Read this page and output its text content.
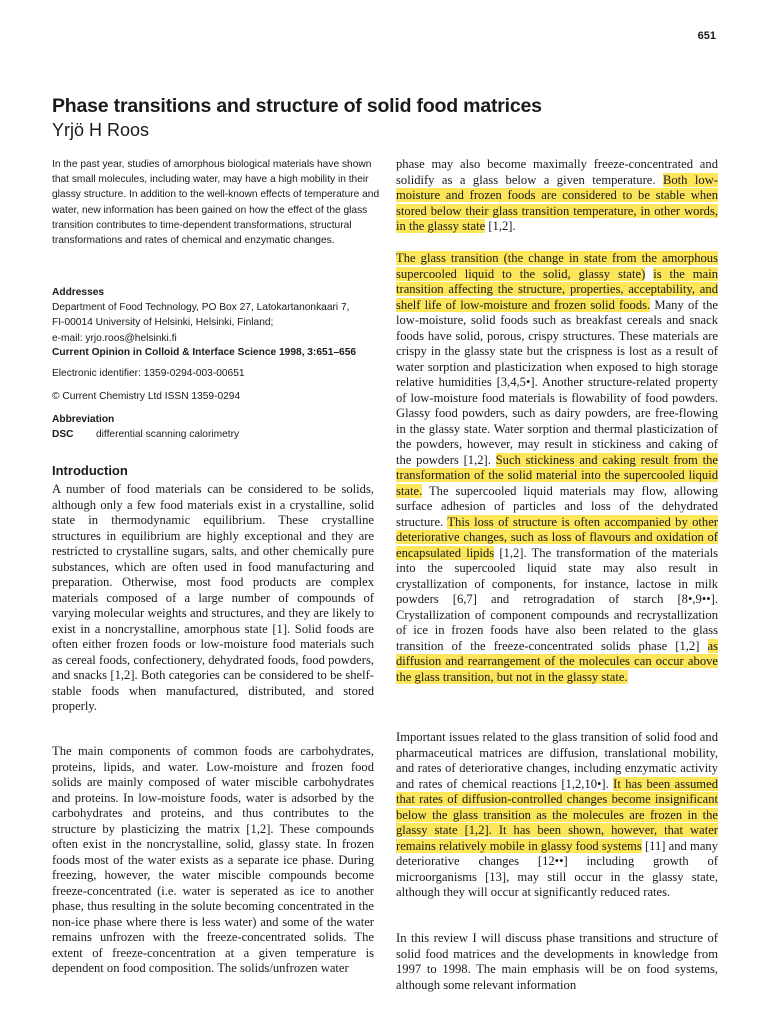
651
Phase transitions and structure of solid food matrices
Yrjö H Roos

In the past year, studies of amorphous biological materials have shown that small molecules, including water, may have a high mobility in their glassy structure. In addition to the well-known effects of temperature and water, new information has been gained on how the effect of the glass transition contributes to time-dependent transformations, structural transformations and rates of chemical and enzymatic changes.

Addresses

Department of Food Technology, PO Box 27, Latokartanonkaari 7,

FI-00014 University of Helsinki, Helsinki, Finland;

e-mail: yrjo.roos@helsinki.fi

Current Opinion in Colloid & Interface Science 1998, 3:651–656

Electronic identifier: 1359-0294-003-00651

© Current Chemistry Ltd ISSN 1359-0294

Abbreviation

DSC	differential scanning calorimetry
Introduction

A number of food materials can be considered to be solids, although only a few food materials exist in a crystalline, solid state in thermodynamic equilibrium. These crystalline structures in equilibrium are highly exceptional and they are restricted to crystalline sugars, salts, and other chemically pure substances, which are often used in food manufacturing and preparation. Otherwise, most food products are complex materials composed of a large number of compounds of varying molecular weights and structures, and they are likely to exist in a noncrystalline, amorphous state [1]. Solid foods are often either frozen foods or low-moisture food materials such as cereal foods, confectionery, dehydrated foods, food powders, and snacks [1,2]. Both categories can be considered to be shelf-stable foods when manufactured, distributed, and stored properly.

The main components of common foods are carbohydrates, proteins, lipids, and water. Low-moisture and frozen food solids are mainly composed of water miscible carbohydrates and proteins. In low-moisture foods, water is adsorbed by the carbohydrates and proteins, and thus contributes to the structure by plasticizing the matrix [1,2]. These compounds often exist in the noncrystalline, solid, glassy state. In frozen foods most of the water exists as a separate ice phase. During freezing, however, the water miscible compounds become freeze-concentrated (i.e. water is seperated as ice to another phase, thus resulting in the solute becoming concentrated in the non-ice phase where there is less water) and some of the water remains unfrozen with the freeze-concentrated solids. The extent of freeze-concentration at a given temperature is dependent on food composition. The solids/unfrozen water

phase may also become maximally freeze-concentrated and solidify as a glass below a given temperature. Both low-moisture and frozen foods are considered to be stable when stored below their glass transition temperature, in other words, in the glassy state [1,2].

The glass transition (the change in state from the amorphous supercooled liquid to the solid, glassy state) is the main transition affecting the structure, properties, acceptability, and shelf life of low-moisture and frozen solid foods. Many of the low-moisture, solid foods such as breakfast cereals and snack foods have solid, porous, crispy structures. These materials are crispy in the glassy state but the crispness is lost as a result of water sorption and plasticization when exposed to high storage relative humidities [3,4,5•]. Another structure-related property of low-moisture food materials is flowability of food powders. Glassy food powders, such as dairy powders, are free-flowing in the glassy state. Water sorption and thermal plasticization of the powders, however, may result in stickiness and caking of the powders [1,2]. Such stickiness and caking result from the transformation of the solid material into the supercooled liquid state. The supercooled liquid materials may flow, allowing surface adhesion of particles and loss of the dehydrated structure. This loss of structure is often accompanied by other deteriorative changes, such as loss of flavours and oxidation of encapsulated lipids [1,2]. The transformation of the materials into the supercooled liquid state may also result in crystallization of components, for instance, lactose in milk powders [6,7] and retrogradation of starch [8•,9••]. Crystallization of component compounds and recrystallization of ice in frozen foods have also been related to the glass transition of the freeze-concentrated solids phase [1,2] as diffusion and rearrangement of the molecules can occur above the glass transition, but not in the glassy state.

Important issues related to the glass transition of solid food and pharmaceutical matrices are diffusion, translational mobility, and rates of deteriorative changes, including enzymatic activity and rates of chemical reactions [1,2,10•]. It has been assumed that rates of diffusion-controlled changes become insignificant below the glass transition as the molecules are frozen in the glassy state [1,2]. It has been shown, however, that water remains relatively mobile in glassy food systems [11] and many deteriorative changes [12••] including growth of microorganisms [13], may still occur in the glassy state, although they will occur at significantly reduced rates.

In this review I will discuss phase transitions and structure of solid food matrices and the developments in knowledge from 1997 to 1998. The main emphasis will be on food systems, although some relevant information
